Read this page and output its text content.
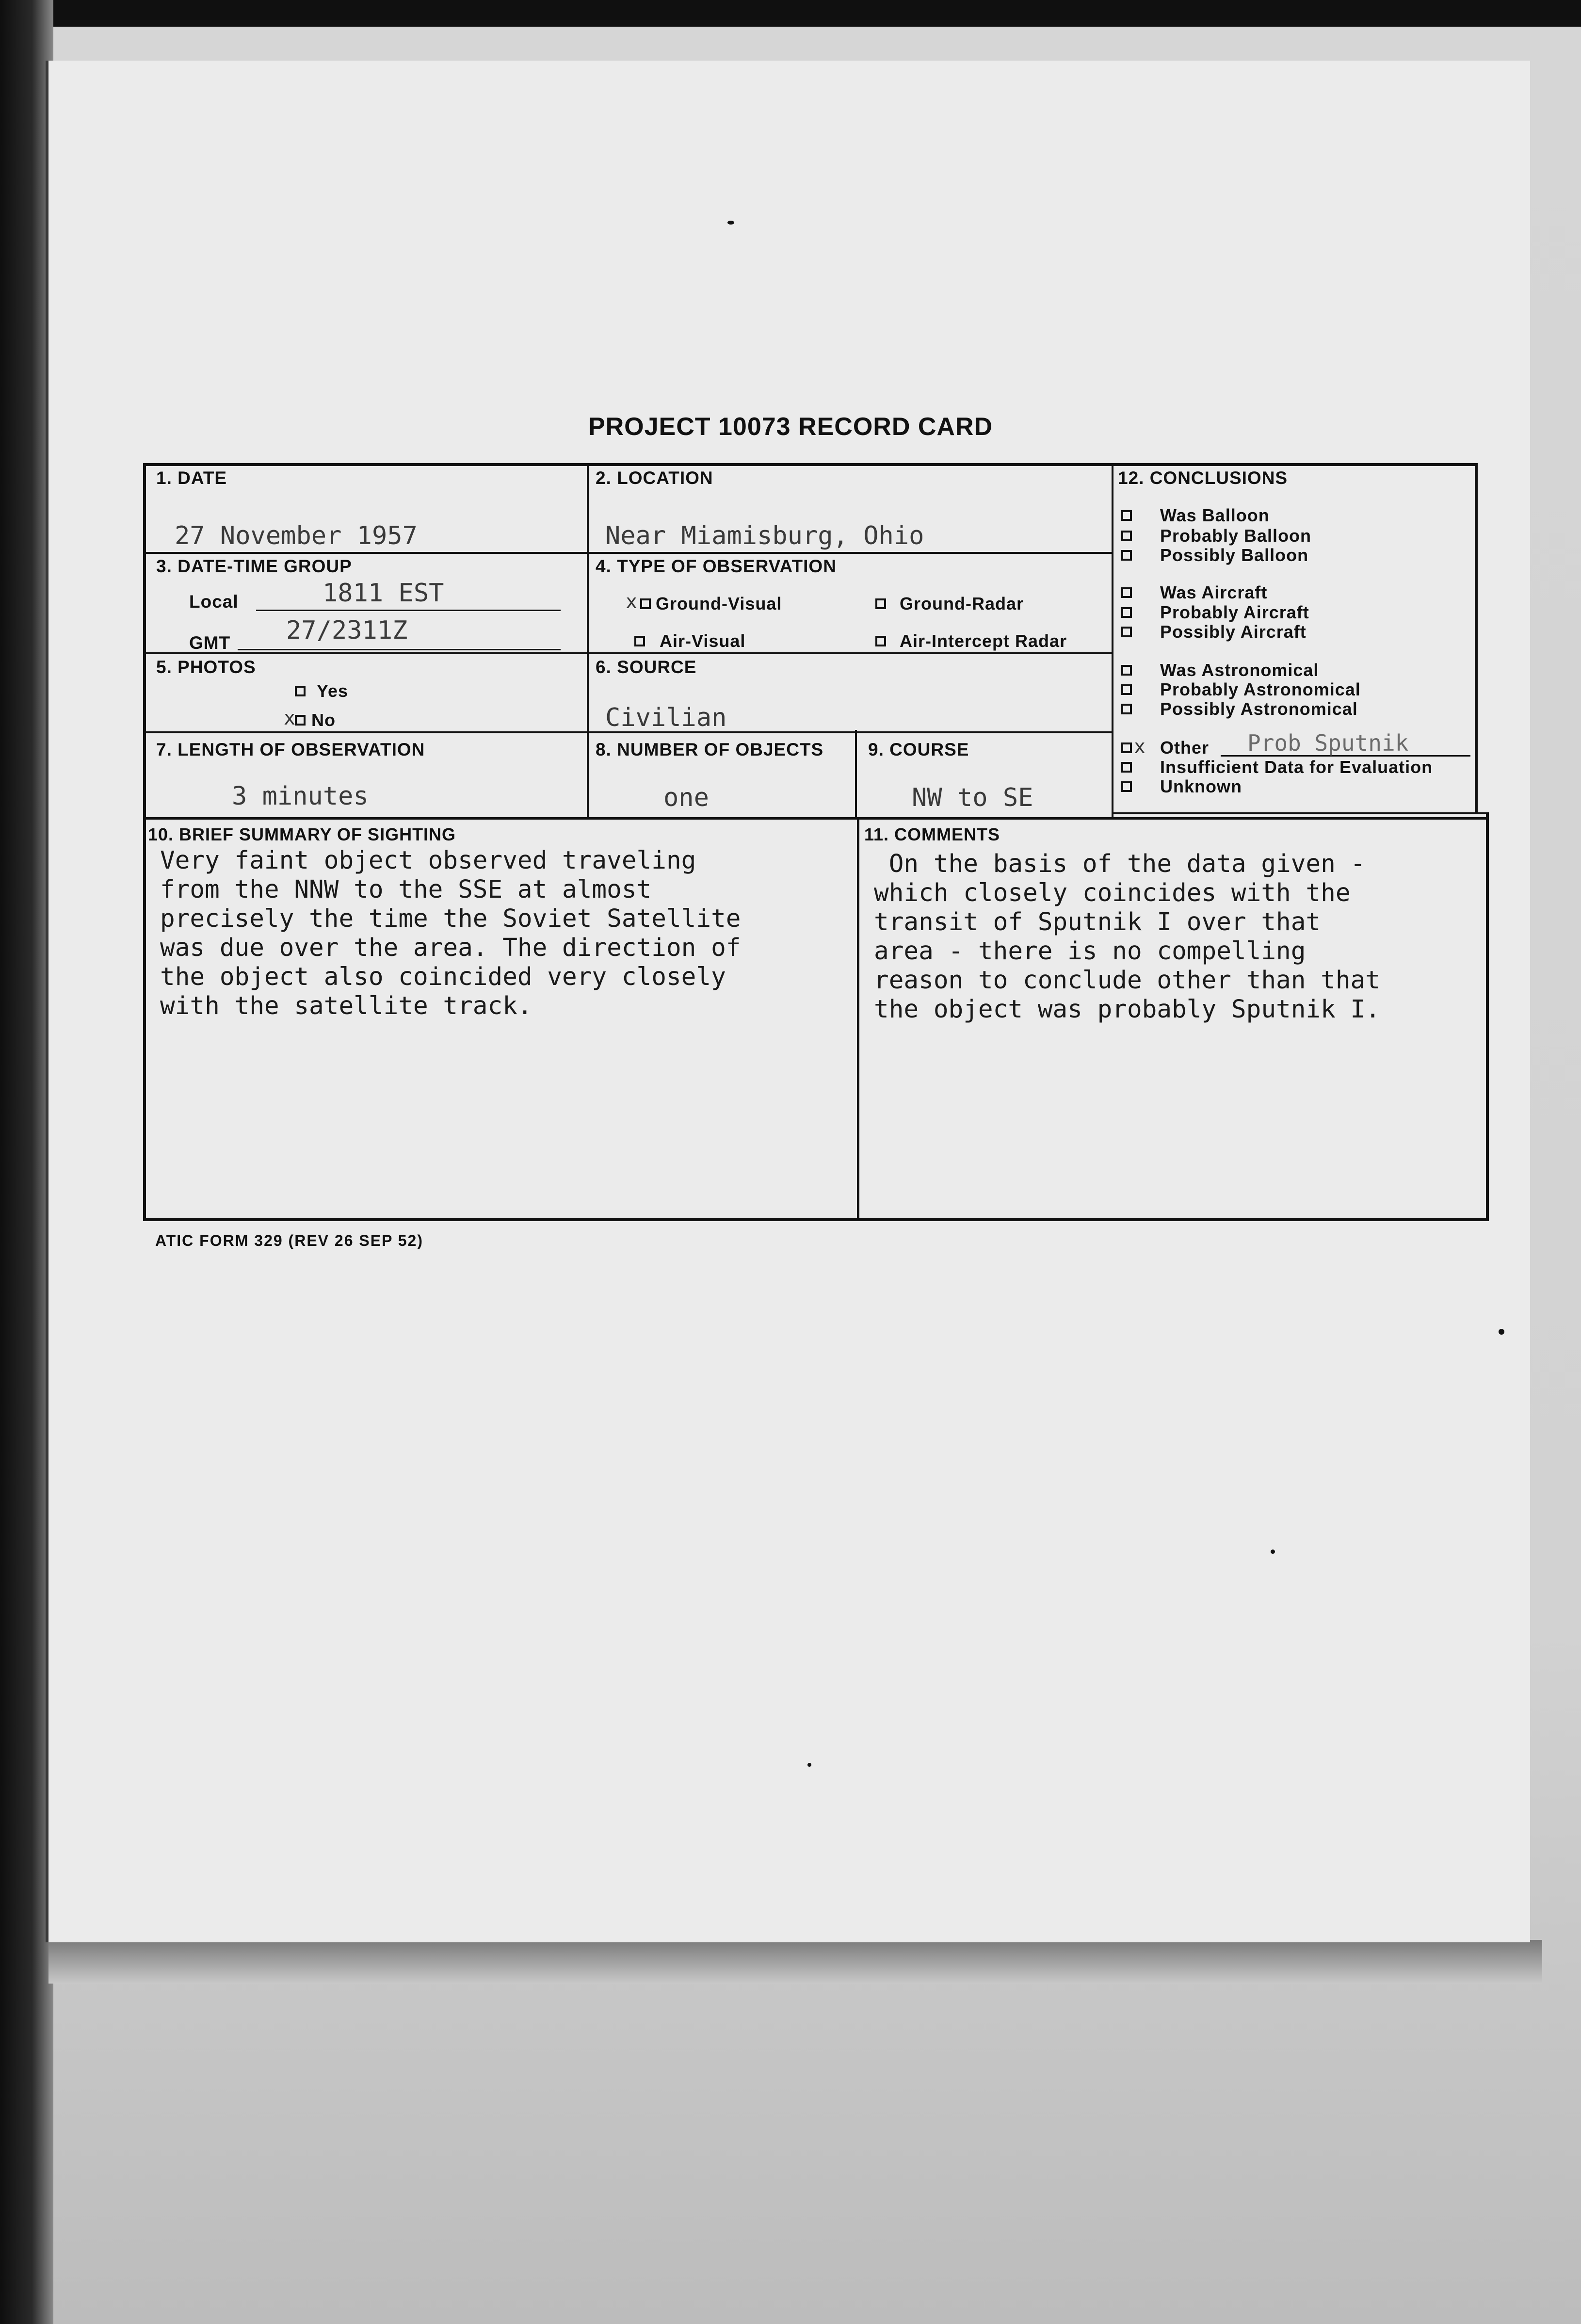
PROJECT 10073 RECORD CARD
1. DATE
27 November 1957
2. LOCATION
Near Miamisburg, Ohio
3. DATE-TIME GROUP
Local	1811 EST
GMT 27/2311Z
4. TYPE OF OBSERVATION
x Ground-Visual	Ground-Radar
Air-Visual	Air-Intercept Radar
5. PHOTOS
Yes
x No
6. SOURCE
Civilian
7. LENGTH OF OBSERVATION
3 minutes
8. NUMBER OF OBJECTS
one
9. COURSE
NW to SE
12. CONCLUSIONS
Was Balloon
Probably Balloon
Possibly Balloon
Was Aircraft
Probably Aircraft
Possibly Aircraft
Was Astronomical
Probably Astronomical
Possibly Astronomical
x Other Prob Sputnik
Insufficient Data for Evaluation
Unknown
10. BRIEF SUMMARY OF SIGHTING
Very faint object observed traveling
from the NNW to the SSE at almost
precisely the time the Soviet Satellite
was due over the area. The direction of
the object also coincided very closely
with the satellite track.
11. COMMENTS
On the basis of the data given -
which closely coincides with the
transit of Sputnik I over that
area - there is no compelling
reason to conclude other than that
the object was probably Sputnik I.
ATIC FORM 329 (REV 26 SEP 52)
